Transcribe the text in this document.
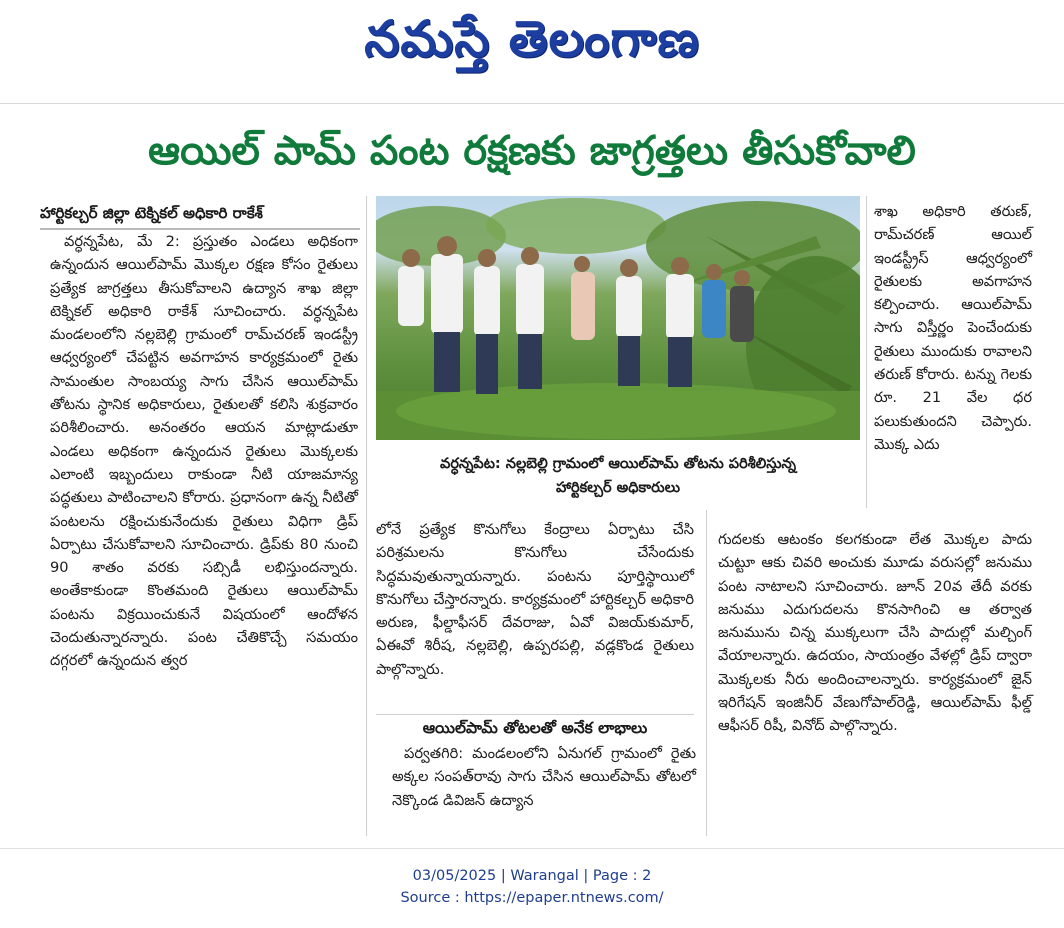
నమస్తే తెలంగాణ
ఆయిల్ పామ్ పంట రక్షణకు జాగ్రత్తలు తీసుకోవాలి
హార్టికల్చర్ జిల్లా టెక్నికల్ అధికారి రాకేశ్

వర్ధన్నపేట, మే 2: ప్రస్తుతం ఎండలు అధికంగా ఉన్నందున ఆయిల్‌పామ్ మొక్కల రక్షణ కోసం రైతులు ప్రత్యేక జాగ్రత్తలు తీసుకోవాలని ఉద్యాన శాఖ జిల్లా టెక్నికల్ అధికారి రాకేశ్ సూచించారు. వర్ధన్నపేట మండలంలోని నల్లబెల్లి గ్రామంలో రామ్‌చరణ్ ఇండస్ట్రీ ఆధ్వర్యంలో చేపట్టిన అవగాహన కార్యక్రమంలో రైతు సామంతుల సాంబయ్య సాగు చేసిన ఆయిల్‌పామ్ తోటను స్థానిక అధికారులు, రైతులతో కలిసి శుక్రవారం పరిశీలించారు. అనంతరం ఆయన మాట్లాడుతూ ఎండలు అధికంగా ఉన్నందున రైతులు మొక్కలకు ఎలాంటి ఇబ్బందులు రాకుండా నీటి యాజమాన్య పద్ధతులు పాటించాలని కోరారు. ప్రధానంగా ఉన్న నీటితో పంటలను రక్షించుకునేందుకు రైతులు విధిగా డ్రిప్ ఏర్పాటు చేసుకోవాలని సూచించారు. డ్రిప్‌కు 80 నుంచి 90 శాతం వరకు సబ్సిడీ లభిస్తుందన్నారు. అంతేకాకుండా కొంతమంది రైతులు ఆయిల్‌పామ్ పంటను విక్రయించుకునే విషయంలో ఆందోళన చెందుతున్నారన్నారు. పంట చేతికొచ్చే సమయం దగ్గరలో ఉన్నందున త్వర

వర్ధన్నపేట: నల్లబెల్లి గ్రామంలో ఆయిల్‌పామ్ తోటను పరిశీలిస్తున్న
హార్టికల్చర్ అధికారులు

లోనే ప్రత్యేక కొనుగోలు కేంద్రాలు ఏర్పాటు చేసి పరిశ్రమలను కొనుగోలు చేసేందుకు సిద్ధమవుతున్నాయన్నారు. పంటను పూర్తిస్థాయిలో కొనుగోలు చేస్తారన్నారు. కార్యక్రమంలో హార్టికల్చర్ అధికారి అరుణ, ఫీల్డాఫీసర్ దేవరాజు, ఏవో విజయ్‌కుమార్, ఏఈవో శిరీష, నల్లబెల్లి, ఉప్పరపల్లి, వడ్లకొండ రైతులు పాల్గొన్నారు.

ఆయిల్‌పామ్ తోటలతో అనేక లాభాలు

పర్వతగిరి: మండలంలోని ఏనుగల్ గ్రామంలో రైతు అక్కల సంపత్‌రావు సాగు చేసిన ఆయిల్‌పామ్ తోటలో నెక్కొండ డివిజన్ ఉద్యాన

శాఖ అధికారి తరుణ్, రామ్‌చరణ్ ఆయిల్ ఇండస్ట్రీస్ ఆధ్వర్యంలో రైతులకు అవగాహన కల్పించారు. ఆయిల్‌పామ్ సాగు విస్తీర్ణం పెంచేందుకు రైతులు ముందుకు రావాలని తరుణ్ కోరారు. టన్ను గెలకు రూ. 21 వేల ధర పలుకుతుందని చెప్పారు. మొక్క ఎదు

గుదలకు ఆటంకం కలగకుండా లేత మొక్కల పాదు చుట్టూ ఆకు చివరి అంచుకు మూడు వరుసల్లో జనుము పంట నాటాలని సూచించారు. జూన్ 20వ తేదీ వరకు జనుము ఎదుగుదలను కొనసాగించి ఆ తర్వాత జనుమును చిన్న ముక్కలుగా చేసి పాదుల్లో మల్చింగ్ వేయాలన్నారు. ఉదయం, సాయంత్రం వేళల్లో డ్రిప్ ద్వారా మొక్కలకు నీరు అందించాలన్నారు. కార్యక్రమంలో జైన్ ఇరిగేషన్ ఇంజినీర్ వేణుగోపాల్‌రెడ్డి, ఆయిల్‌పామ్ ఫీల్డ్ ఆఫీసర్ రిషీ, వినోద్ పాల్గొన్నారు.

03/05/2025 | Warangal | Page : 2
Source : https://epaper.ntnews.com/
